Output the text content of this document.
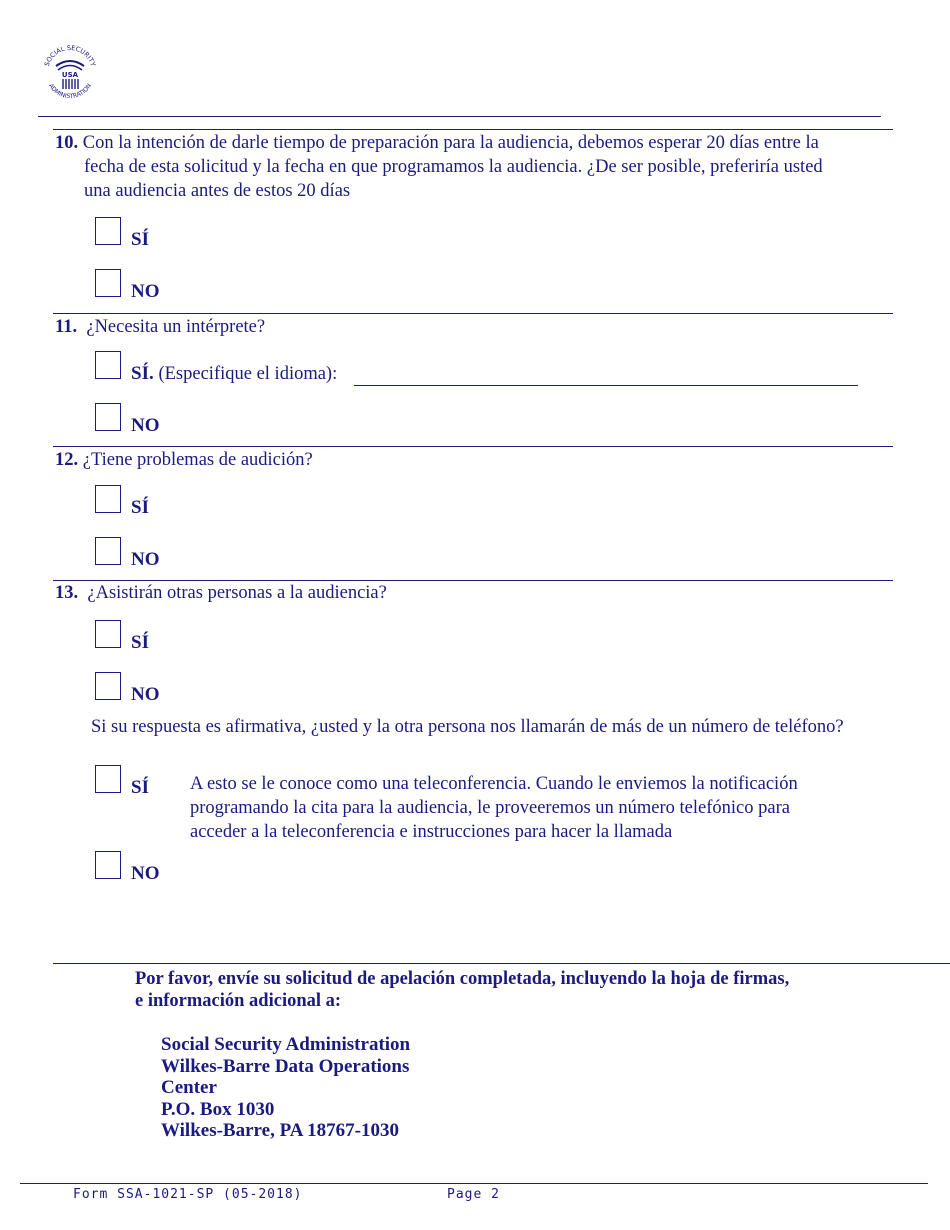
SOCIAL SECURITY
ADMINISTRATION
USA
10. Con la intención de darle tiempo de preparación para la audiencia, debemos esperar 20 días entre la
fecha de esta solicitud y la fecha en que programamos la audiencia. ¿De ser posible, preferiría usted
una audiencia antes de estos 20 días
SÍ
NO
11. ¿Necesita un intérprete?
SÍ. (Especifique el idioma):
NO
12. ¿Tiene problemas de audición?
SÍ
NO
13. ¿Asistirán otras personas a la audiencia?
SÍ
NO
Si su respuesta es afirmativa, ¿usted y la otra persona nos llamarán de más de un número de teléfono?
SÍ A esto se le conoce como una teleconferencia. Cuando le enviemos la notificación
programando la cita para la audiencia, le proveeremos un número telefónico para
acceder a la teleconferencia e instrucciones para hacer la llamada
NO
Por favor, envíe su solicitud de apelación completada, incluyendo la hoja de firmas,
e información adicional a:
Social Security Administration
Wilkes-Barre Data Operations
Center
P.O. Box 1030
Wilkes-Barre, PA 18767-1030
Form SSA-1021-SP (05-2018)	Page 2
